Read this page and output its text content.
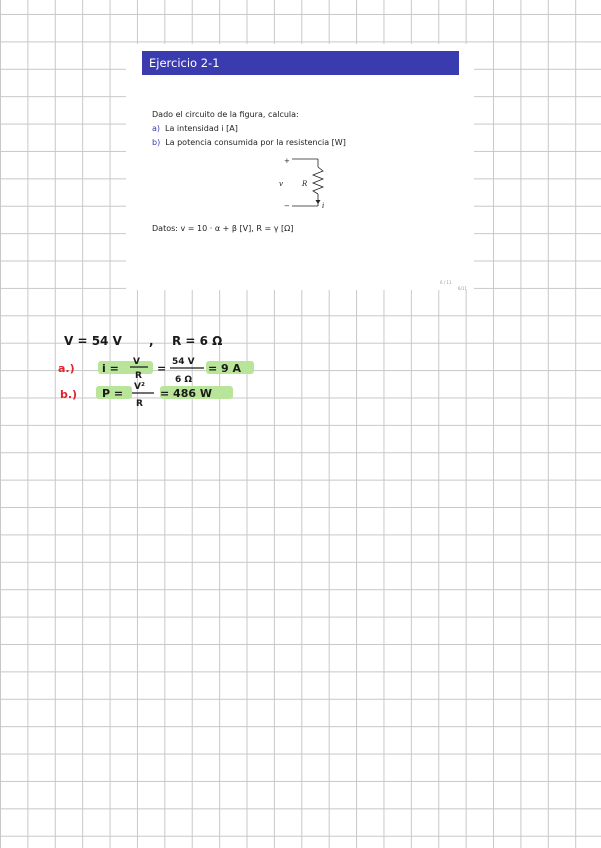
Ejercicio 2-1
Dado el circuito de la figura, calcula:
a) La intensidad i [A]
b) La potencia consumida por la resistencia [W]
+
v	R
−	i
Datos: v = 10 · α + β [V], R = γ [Ω]
6 / 11
6/11
V = 54 V , R = 6 Ω
a.) i = V
R
= 54 V
6 Ω
= 9 A
b.) P = V²
R
= 486 W
